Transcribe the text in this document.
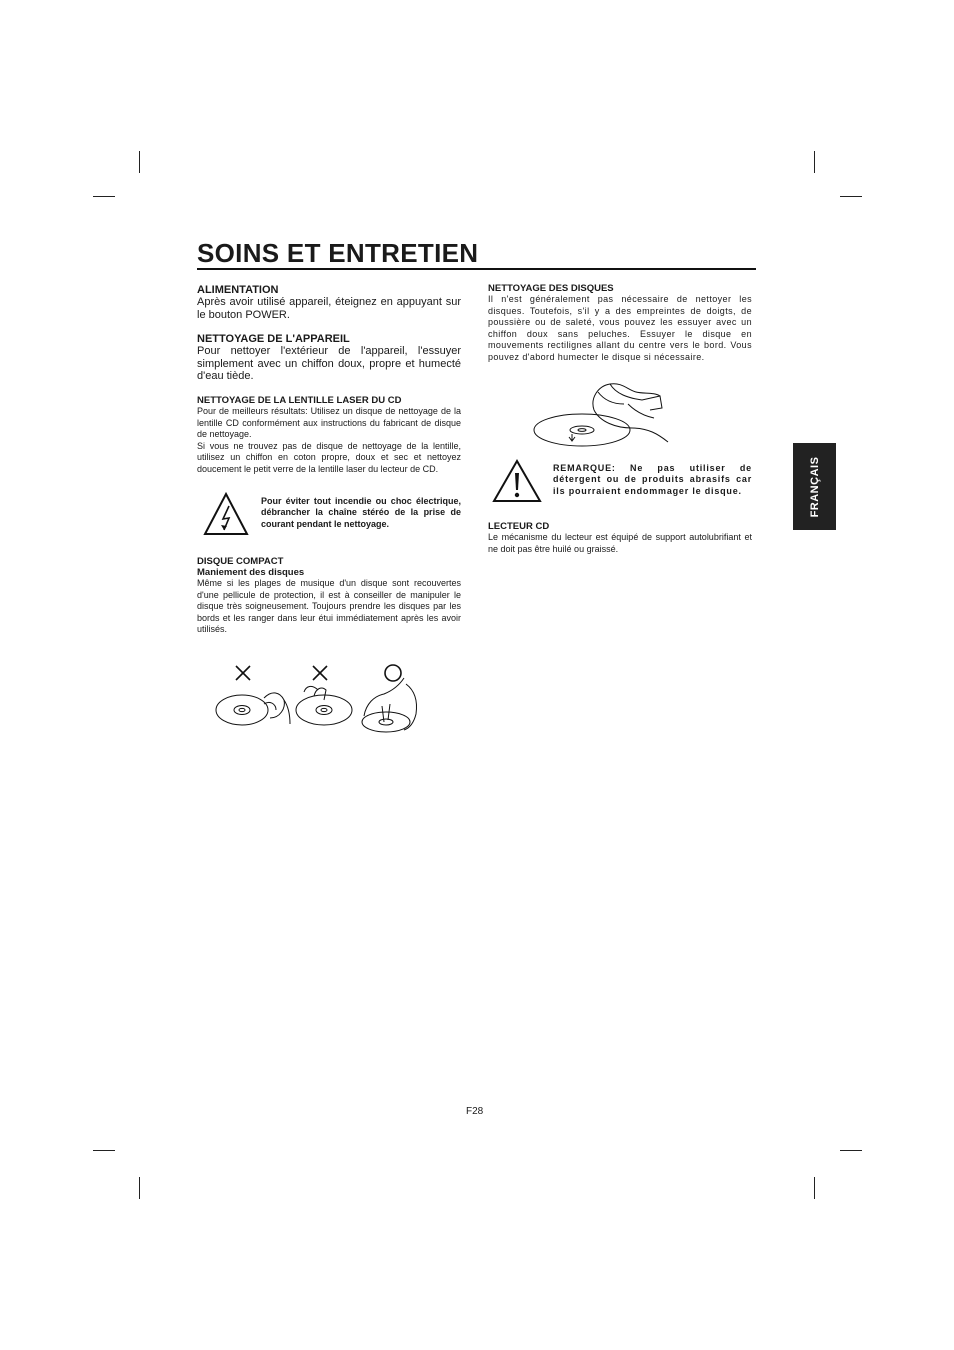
SOINS ET ENTRETIEN
FRANÇAIS

ALIMENTATION

Après avoir utilisé appareil, éteignez en appuyant sur le bouton POWER.

NETTOYAGE DE L'APPAREIL

Pour nettoyer l'extérieur de l'appareil, l'essuyer simplement avec un chiffon doux, propre et humecté d'eau tiède.

NETTOYAGE DE LA LENTILLE LASER DU CD

Pour de meilleurs résultats: Utilisez un disque de nettoyage de la lentille CD conformément aux instructions du fabricant de disque de nettoyage.

Si vous ne trouvez pas de disque de nettoyage de la lentille, utilisez un chiffon en coton propre, doux et sec et nettoyez doucement le petit verre de la lentille laser du lecteur de CD.

Pour éviter tout incendie ou choc électrique, débrancher la chaîne stéréo de la prise de courant pendant le nettoyage.

DISQUE COMPACT

Maniement des disques

Même si les plages de musique d'un disque sont recouvertes d'une pellicule de protection, il est à conseiller de manipuler le disque très soigneusement. Toujours prendre les disques par les bords et les ranger dans leur étui immédiatement après les avoir utilisés.

NETTOYAGE DES DISQUES

Il n'est généralement pas nécessaire de nettoyer les disques. Toutefois, s'il y a des empreintes de doigts, de poussière ou de saleté, vous pouvez les essuyer avec un chiffon doux sans peluches. Essuyer le disque en mouvements rectilignes allant du centre vers le bord. Vous pouvez d'abord humecter le disque si nécessaire.

REMARQUE: Ne pas utiliser de détergent ou de produits abrasifs car ils pourraient endommager le disque.

LECTEUR CD

Le mécanisme du lecteur est équipé de support autolubrifiant et ne doit pas être huilé ou graissé.

F28
